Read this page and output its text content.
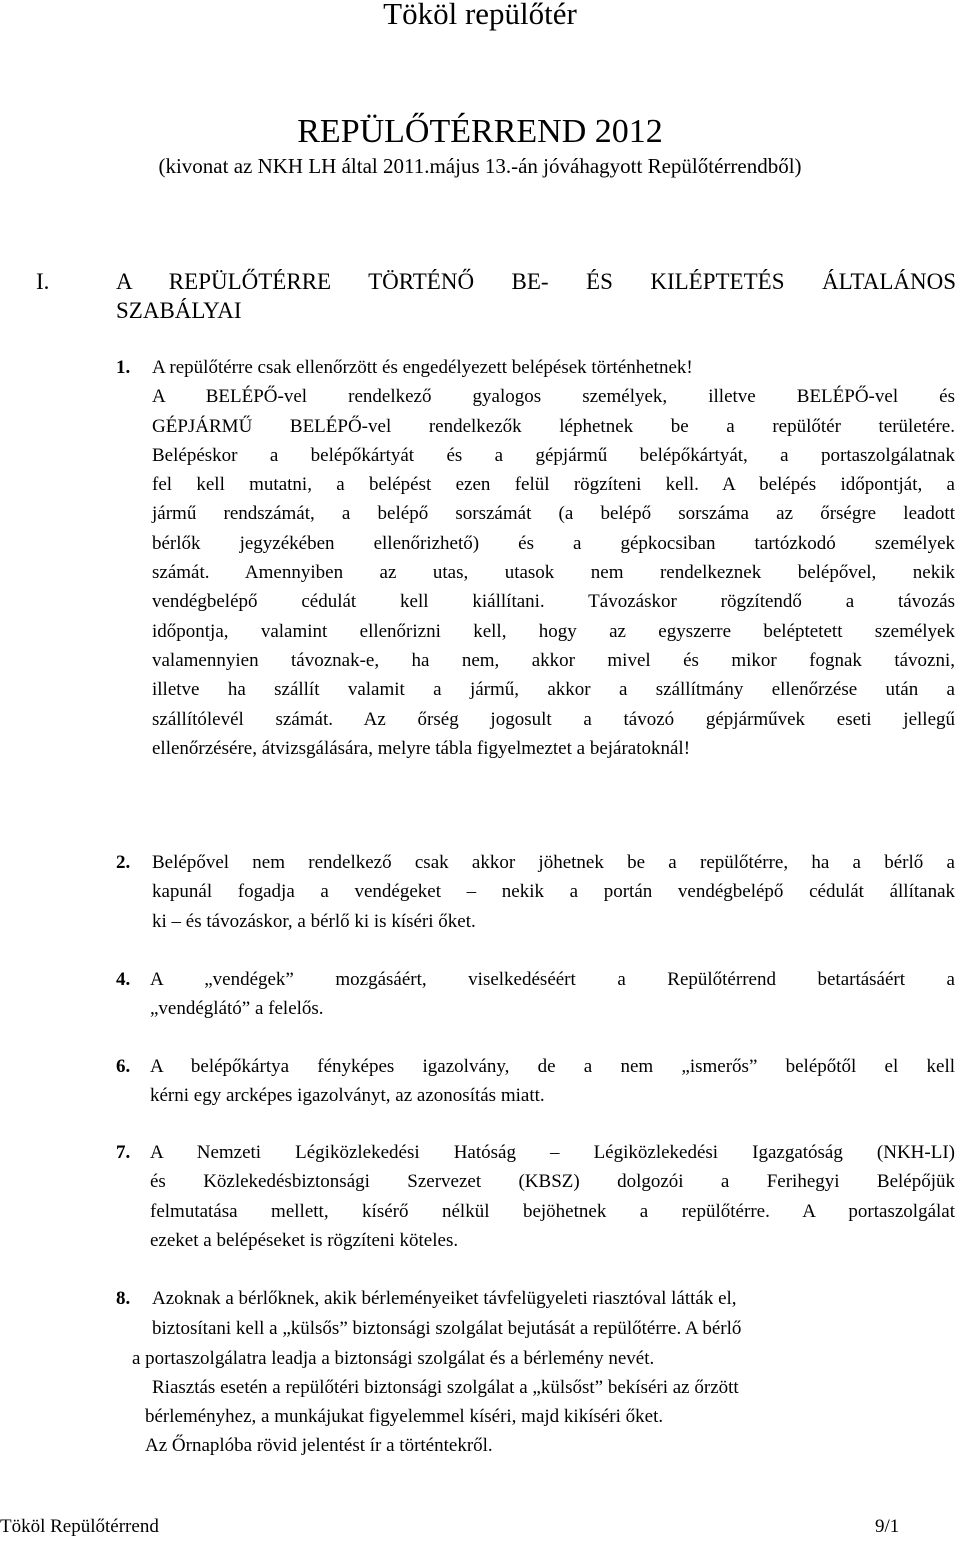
Tököl repülőtér
REPÜLŐTÉRREND 2012
(kivonat az NKH LH által 2011.május 13.-án jóváhagyott Repülőtérrendből)
I.	A REPÜLŐTÉRRE TÖRTÉNŐ BE- ÉS KILÉPTETÉS ÁLTALÁNOS
SZABÁLYAI
1. A repülőtérre csak ellenőrzött és engedélyezett belépések történhetnek!
A BELÉPŐ-vel rendelkező gyalogos személyek, illetve BELÉPŐ-vel és
GÉPJÁRMŰ BELÉPŐ-vel rendelkezők léphetnek be a repülőtér területére.
Belépéskor a belépőkártyát és a gépjármű belépőkártyát, a portaszolgálatnak
fel kell mutatni, a belépést ezen felül rögzíteni kell. A belépés időpontját, a
jármű rendszámát, a belépő sorszámát (a belépő sorszáma az őrségre leadott
bérlők jegyzékében ellenőrizhető) és a gépkocsiban tartózkodó személyek
számát. Amennyiben az utas, utasok nem rendelkeznek belépővel, nekik
vendégbelépő cédulát kell kiállítani. Távozáskor rögzítendő a távozás
időpontja, valamint ellenőrizni kell, hogy az egyszerre beléptetett személyek
valamennyien távoznak-e, ha nem, akkor mivel és mikor fognak távozni,
illetve ha szállít valamit a jármű, akkor a szállítmány ellenőrzése után a
szállítólevél számát. Az őrség jogosult a távozó gépjárművek eseti jellegű
ellenőrzésére, átvizsgálására, melyre tábla figyelmeztet a bejáratoknál!
2. Belépővel nem rendelkező csak akkor jöhetnek be a repülőtérre, ha a bérlő a
kapunál fogadja a vendégeket – nekik a portán vendégbelépő cédulát állítanak
ki – és távozáskor, a bérlő ki is kíséri őket.
4. A „vendégek” mozgásáért, viselkedéséért a Repülőtérrend betartásáért a
„vendéglátó” a felelős.
6. A belépőkártya fényképes igazolvány, de a nem „ismerős” belépőtől el kell
kérni egy arcképes igazolványt, az azonosítás miatt.
7. A Nemzeti Légiközlekedési Hatóság – Légiközlekedési Igazgatóság (NKH-LI)
és Közlekedésbiztonsági Szervezet (KBSZ) dolgozói a Ferihegyi Belépőjük
felmutatása mellett, kísérő nélkül bejöhetnek a repülőtérre. A portaszolgálat
ezeket a belépéseket is rögzíteni köteles.
8. Azoknak a bérlőknek, akik bérleményeiket távfelügyeleti riasztóval látták el,
biztosítani kell a „külsős” biztonsági szolgálat bejutását a repülőtérre. A bérlő
a portaszolgálatra leadja a biztonsági szolgálat és a bérlemény nevét.
Riasztás esetén a repülőtéri biztonsági szolgálat a „külsőst” bekíséri az őrzött
bérleményhez, a munkájukat figyelemmel kíséri, majd kikíséri őket.
Az Őrnaplóba rövid jelentést ír a történtekről.
Tököl Repülőtérrend	9/1
